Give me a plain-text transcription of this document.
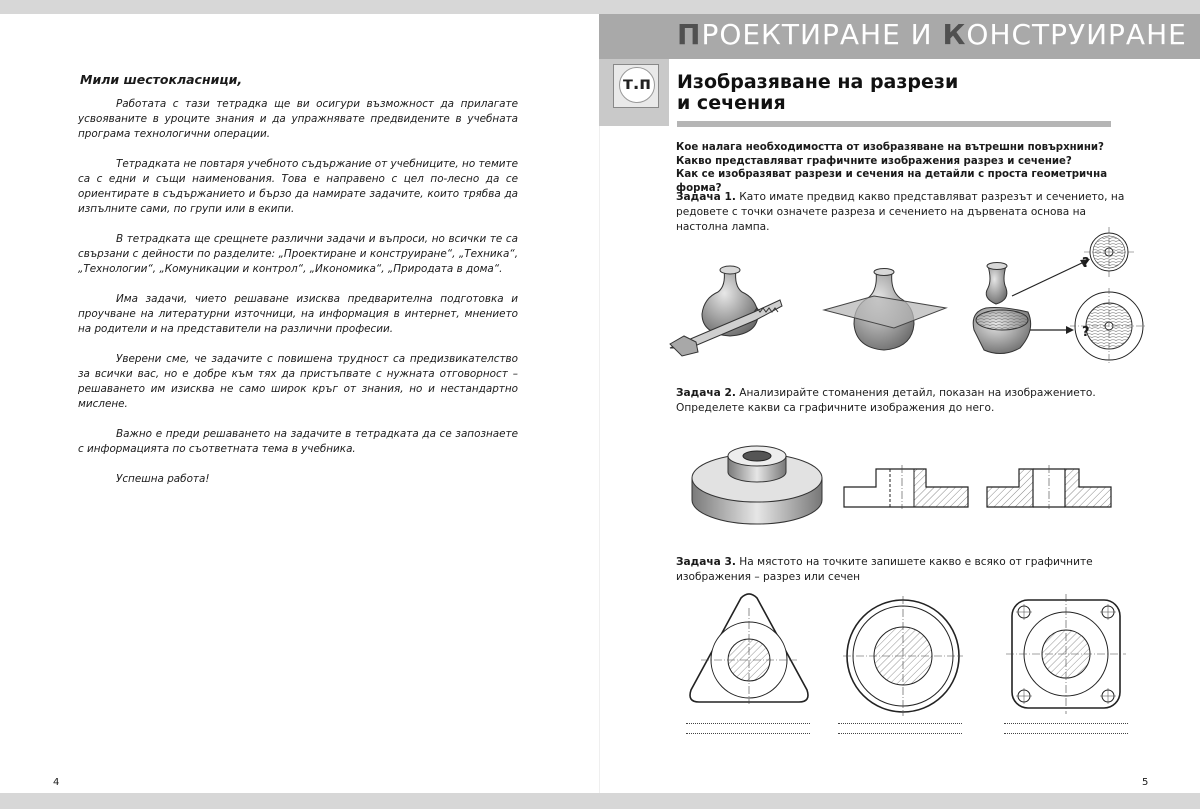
Мили шестокласници,

Работата с тази тетрадка ще ви осигури възможност да прилагате усвояваните в уроците знания и да упражнявате предвидените в учебната програма технологични операции.

Тетрадката не повтаря учебното съдържание от учебниците, но темите са с едни и същи наименования. Това е направено с цел по-лесно да се ориентирате в съдържанието и бързо да намирате задачите, които трябва да изпълните сами, по групи или в екипи.

В тетрадката ще срещнете различни задачи и въпроси, но всички те са свързани с дейности по разделите: „Проектиране и конструиране“, „Техника“, „Технологии“, „Комуникации и контрол“, „Икономика“, „Природата в дома“.

Има задачи, чието решаване изисква предварителна подготовка и проучване на литературни източници, на информация в интернет, мнението на родители и на представители на различни професии.

Уверени сме, че задачите с повишена трудност са предизвикателство за всички вас, но е добре към тях да пристъпвате с нужната отговорност – решаването им изисква не само широк кръг от знания, но и нестандартно мислене.

Важно е преди решаването на задачите в тетрадката да се запознаете с информацията по съответната тема в учебника.

Успешна работа!

4
ПРОЕКТИРАНЕ И КОНСТРУИРАНЕ
т.п Изобразяване на разрези и сечения
Кое налага необходимостта от изобразяване на вътрешни повърхнини?
Какво представляват графичните изображения разрез и сечение?
Как се изобразяват разрези и сечения на детайли с проста геометрична форма?
Задача 1. Като имате предвид какво представляват разрезът и сечението, на редовете с точки означете разреза и сечението на дървената основа на настолна лампа.
?
?
Задача 2. Анализирайте стоманения детайл, показан на изображението. Определете какви са графичните изображения до него.
Задача 3. На мястото на точките запишете какво е всяко от графичните изображения – разрез или сечен
5
